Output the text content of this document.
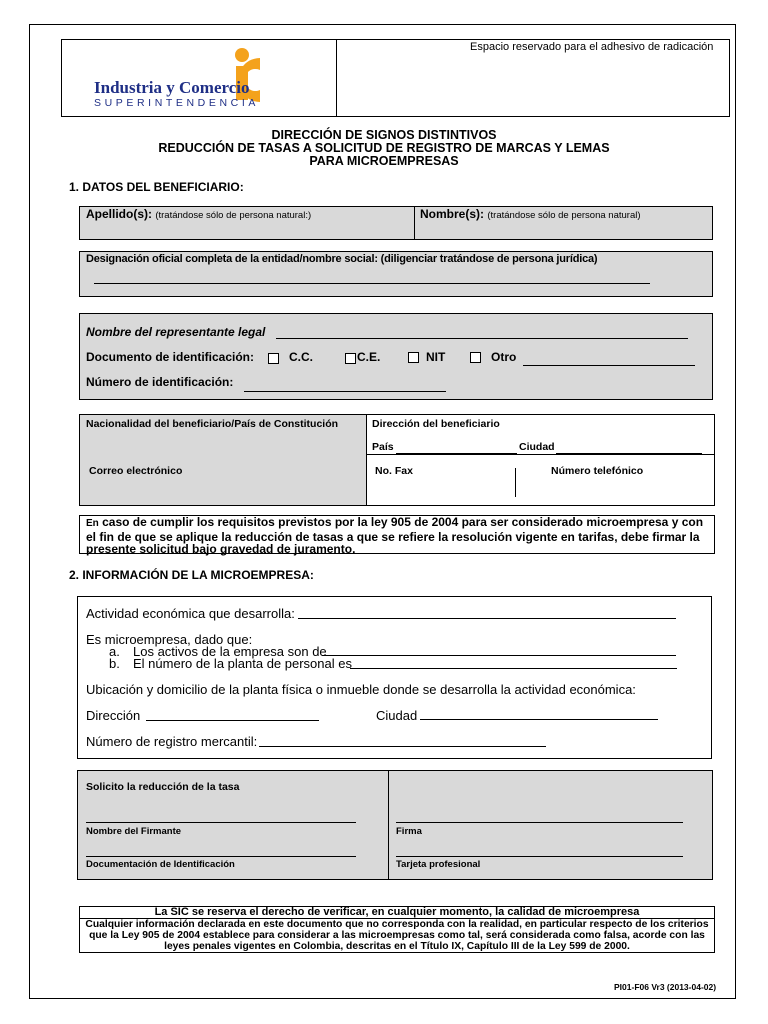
Industria y Comercio
SUPERINTENDENCIA
Espacio reservado para el adhesivo de radicación
DIRECCIÓN DE SIGNOS DISTINTIVOS
REDUCCIÓN DE TASAS A SOLICITUD DE REGISTRO DE MARCAS Y LEMAS
PARA MICROEMPRESAS
1. DATOS DEL BENEFICIARIO:
Apellido(s): (tratándose sólo de persona natural:)	Nombre(s): (tratándose sólo de persona natural)
Designación oficial completa de la entidad/nombre social: (diligenciar tratándose de persona jurídica)
Nombre del representante legal
Documento de identificación:	C.C.	C.E.	NIT	Otro
Número de identificación:
Nacionalidad del beneficiario/País de Constitución
Correo electrónico
Dirección del beneficiario
País	Ciudad
No. Fax	Número telefónico
En caso de cumplir los requisitos previstos por la ley 905 de 2004 para ser considerado microempresa y con el fin de que se aplique la reducción de tasas a que se refiere la resolución vigente en tarifas, debe firmar la presente solicitud bajo gravedad de juramento.
2. INFORMACIÓN DE LA MICROEMPRESA:
Actividad económica que desarrolla:
Es microempresa, dado que:
a. Los activos de la empresa son de
b. El número de la planta de personal es
Ubicación y domicilio de la planta física o inmueble donde se desarrolla la actividad económica:
Dirección	Ciudad
Número de registro mercantil:
Solicito la reducción de la tasa
Nombre del Firmante
Documentación de Identificación
Firma
Tarjeta profesional
La SIC se reserva el derecho de verificar, en cualquier momento, la calidad de microempresa
Cualquier información declarada en este documento que no corresponda con la realidad, en particular respecto de los criterios que la Ley 905 de 2004 establece para considerar a las microempresas como tal, será considerada como falsa, acorde con las leyes penales vigentes en Colombia, descritas en el Título IX, Capítulo III de la Ley 599 de 2000.
PI01-F06 Vr3 (2013-04-02)
